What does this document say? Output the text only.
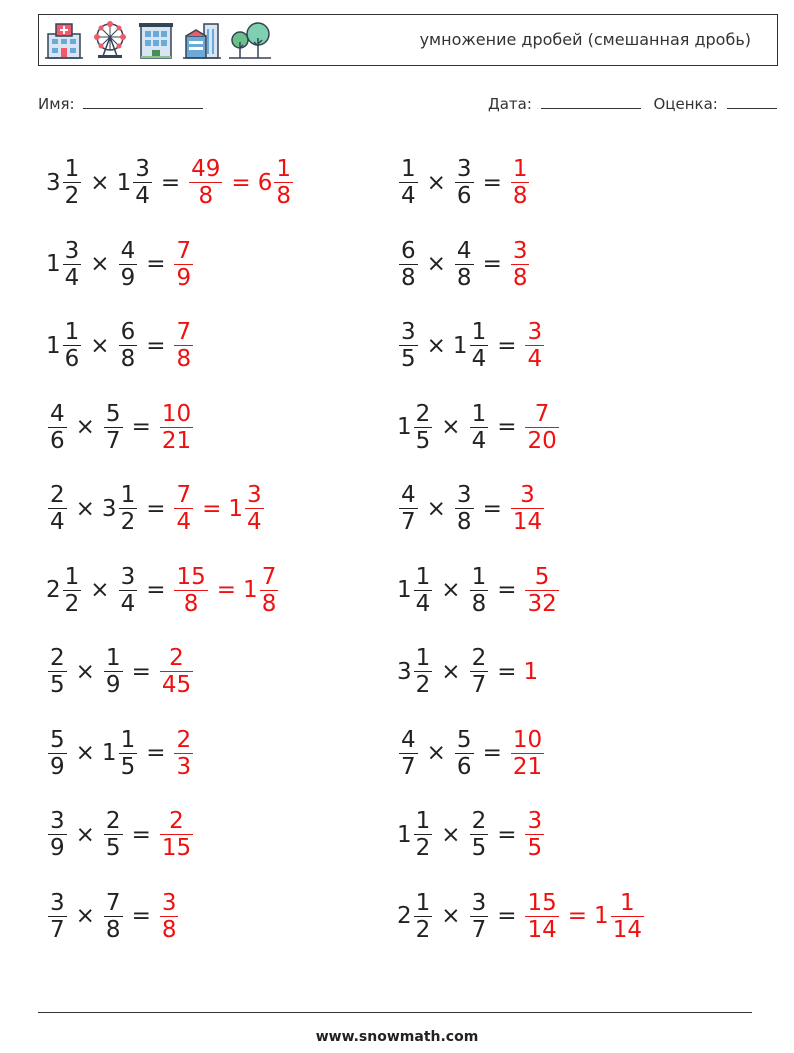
умножение дробей (смешанная дробь)
Имя:	Дата:	Оценка:
$3 \frac{1}{2} \times 1 \frac{3}{4} = \frac{49}{8} = 6 \frac{1}{8}$
$1 \frac{3}{4} \times \frac{4}{9} = \frac{7}{9}$
$1 \frac{1}{6} \times \frac{6}{8} = \frac{7}{8}$
$\frac{4}{6} \times \frac{5}{7} = \frac{10}{21}$
$\frac{2}{4} \times 3 \frac{1}{2} = \frac{7}{4} = 1 \frac{3}{4}$
$2 \frac{1}{2} \times \frac{3}{4} = \frac{15}{8} = 1 \frac{7}{8}$
$\frac{2}{5} \times \frac{1}{9} = \frac{2}{45}$
$\frac{5}{9} \times 1 \frac{1}{5} = \frac{2}{3}$
$\frac{3}{9} \times \frac{2}{5} = \frac{2}{15}$
$\frac{3}{7} \times \frac{7}{8} = \frac{3}{8}$
$\frac{1}{4} \times \frac{3}{6} = \frac{1}{8}$
$\frac{6}{8} \times \frac{4}{8} = \frac{3}{8}$
$\frac{3}{5} \times 1 \frac{1}{4} = \frac{3}{4}$
$1 \frac{2}{5} \times \frac{1}{4} = \frac{7}{20}$
$\frac{4}{7} \times \frac{3}{8} = \frac{3}{14}$
$1 \frac{1}{4} \times \frac{1}{8} = \frac{5}{32}$
$3 \frac{1}{2} \times \frac{2}{7} = 1$
$\frac{4}{7} \times \frac{5}{6} = \frac{10}{21}$
$1 \frac{1}{2} \times \frac{2}{5} = \frac{3}{5}$
$2 \frac{1}{2} \times \frac{3}{7} = \frac{15}{14} = 1 \frac{1}{14}$
www.snowmath.com
